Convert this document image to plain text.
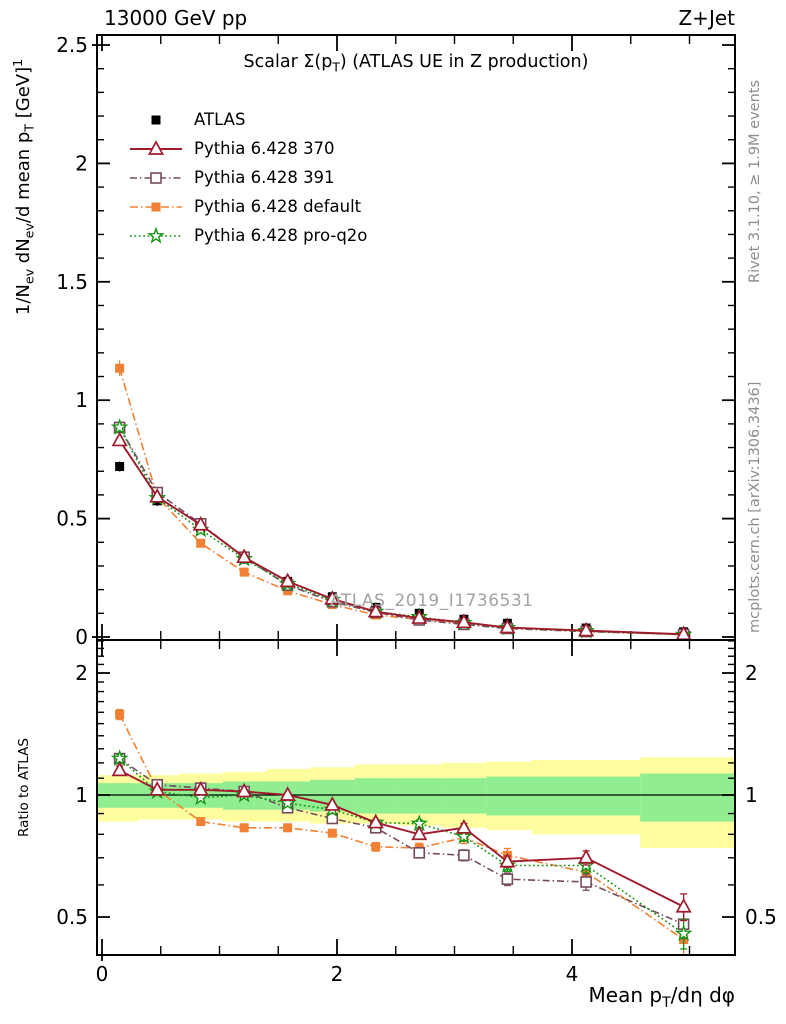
0
0.5
1
1.5
2
2.5
0.5	0.5
1	1
2	2
0	2	4
13000 GeV pp	Z+Jet
Scalar $\Sigma(p_T)$ (ATLAS UE in Z production)
$1/N_{ev}$ $dN_{ev}/d$ mean $p_T$ [GeV]$^1$
Ratio to ATLAS
Rivet 3.1.10, ≥ 1.9M events
mcplots.cern.ch [arXiv:1306.3436]
ATLAS_2019_I1736531
Mean $p_T/d\eta$ dφ
ATLAS
Pythia 6.428 370
Pythia 6.428 391
Pythia 6.428 default
Pythia 6.428 pro-q2o
